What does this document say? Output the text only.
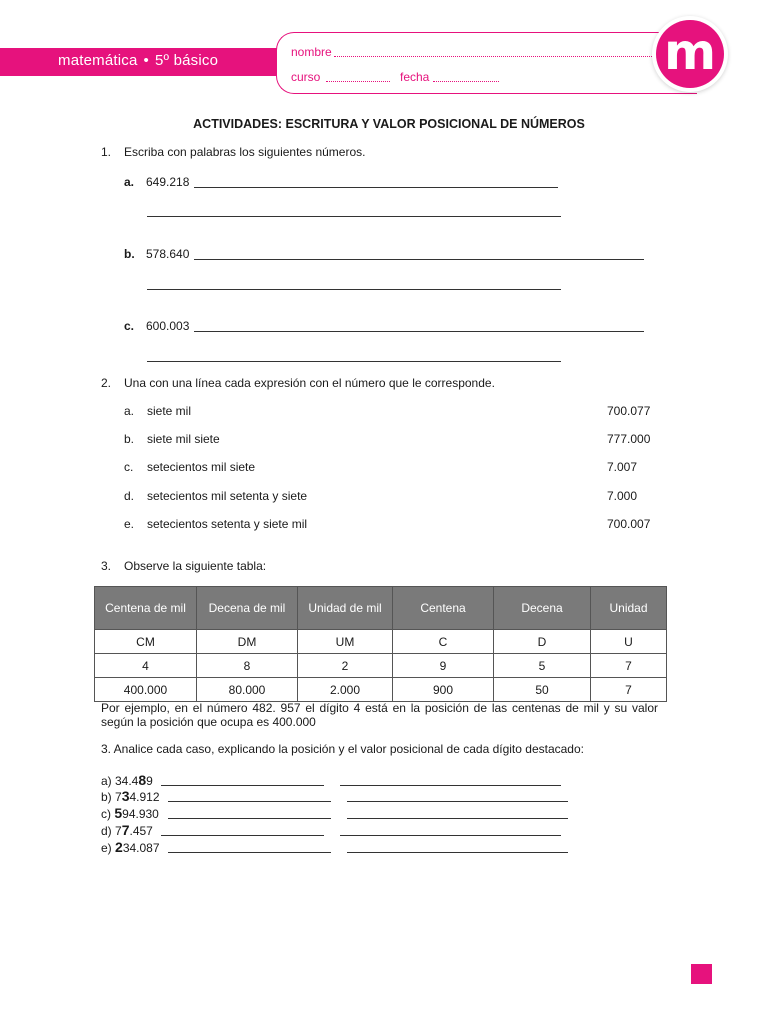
matemática • 5º básico	nombre
curso	fecha	m
ACTIVIDADES: ESCRITURA Y VALOR POSICIONAL DE NÚMEROS
1. Escriba con palabras los siguientes números.
a. 649.218
b. 578.640
c. 600.003
2. Una con una línea cada expresión con el número que le corresponde.
a. siete mil	700.077
b. siete mil siete	777.000
c. setecientos mil siete	7.007
d. setecientos mil setenta y siete	7.000
e. setecientos setenta y siete mil	700.007
3. Observe la siguiente tabla:
Centena de mil	Decena de mil	Unidad de mil	Centena	Decena	Unidad
CM	DM	UM	C	D	U
4	8	2	9	5	7
400.000	80.000	2.000	900	50	7
Por ejemplo, en el número 482. 957 el dígito 4 está en la posición de las centenas de mil y su valor según la posición que ocupa es 400.000
3. Analice cada caso, explicando la posición y el valor posicional de cada dígito destacado:
a) 34.489
b) 734.912
c) 594.930
d) 77.457
e) 234.087
